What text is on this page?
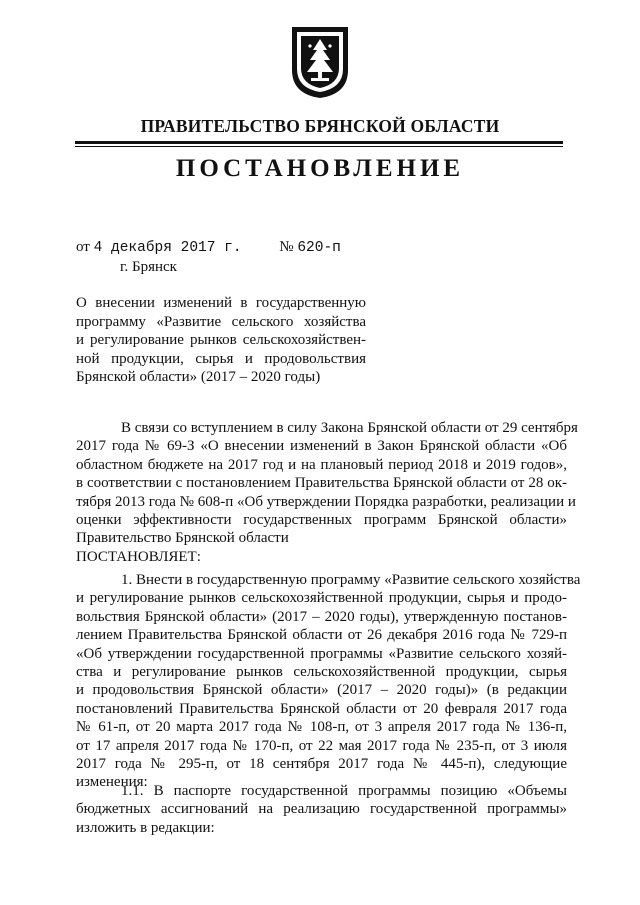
ПРАВИТЕЛЬСТВО БРЯНСКОЙ ОБЛАСТИ
ПОСТАНОВЛЕНИЕ
от 4 декабря 2017 г.	№ 620-п
г. Брянск
О внесении изменений в государственную
программу «Развитие сельского хозяйства
и регулирование рынков сельскохозяйствен-
ной продукции, сырья и продовольствия
Брянской области» (2017 – 2020 годы)
В связи со вступлением в силу Закона Брянской области от 29 сентября
2017 года № 69-З «О внесении изменений в Закон Брянской области «Об
областном бюджете на 2017 год и на плановый период 2018 и 2019 годов»,
в соответствии с постановлением Правительства Брянской области от 28 ок-
тября 2013 года № 608-п «Об утверждении Порядка разработки, реализации и
оценки эффективности государственных программ Брянской области»
Правительство Брянской области
ПОСТАНОВЛЯЕТ:
1. Внести в государственную программу «Развитие сельского хозяйства
и регулирование рынков сельскохозяйственной продукции, сырья и продо-
вольствия Брянской области» (2017 – 2020 годы), утвержденную постанов-
лением Правительства Брянской области от 26 декабря 2016 года № 729-п
«Об утверждении государственной программы «Развитие сельского хозяй-
ства и регулирование рынков сельскохозяйственной продукции, сырья
и продовольствия Брянской области» (2017 – 2020 годы)» (в редакции
постановлений Правительства Брянской области от 20 февраля 2017 года
№ 61-п, от 20 марта 2017 года № 108-п, от 3 апреля 2017 года № 136-п,
от 17 апреля 2017 года № 170-п, от 22 мая 2017 года № 235-п, от 3 июля
2017 года № 295-п, от 18 сентября 2017 года № 445-п), следующие
изменения:
1.1. В паспорте государственной программы позицию «Объемы
бюджетных ассигнований на реализацию государственной программы»
изложить в редакции:
